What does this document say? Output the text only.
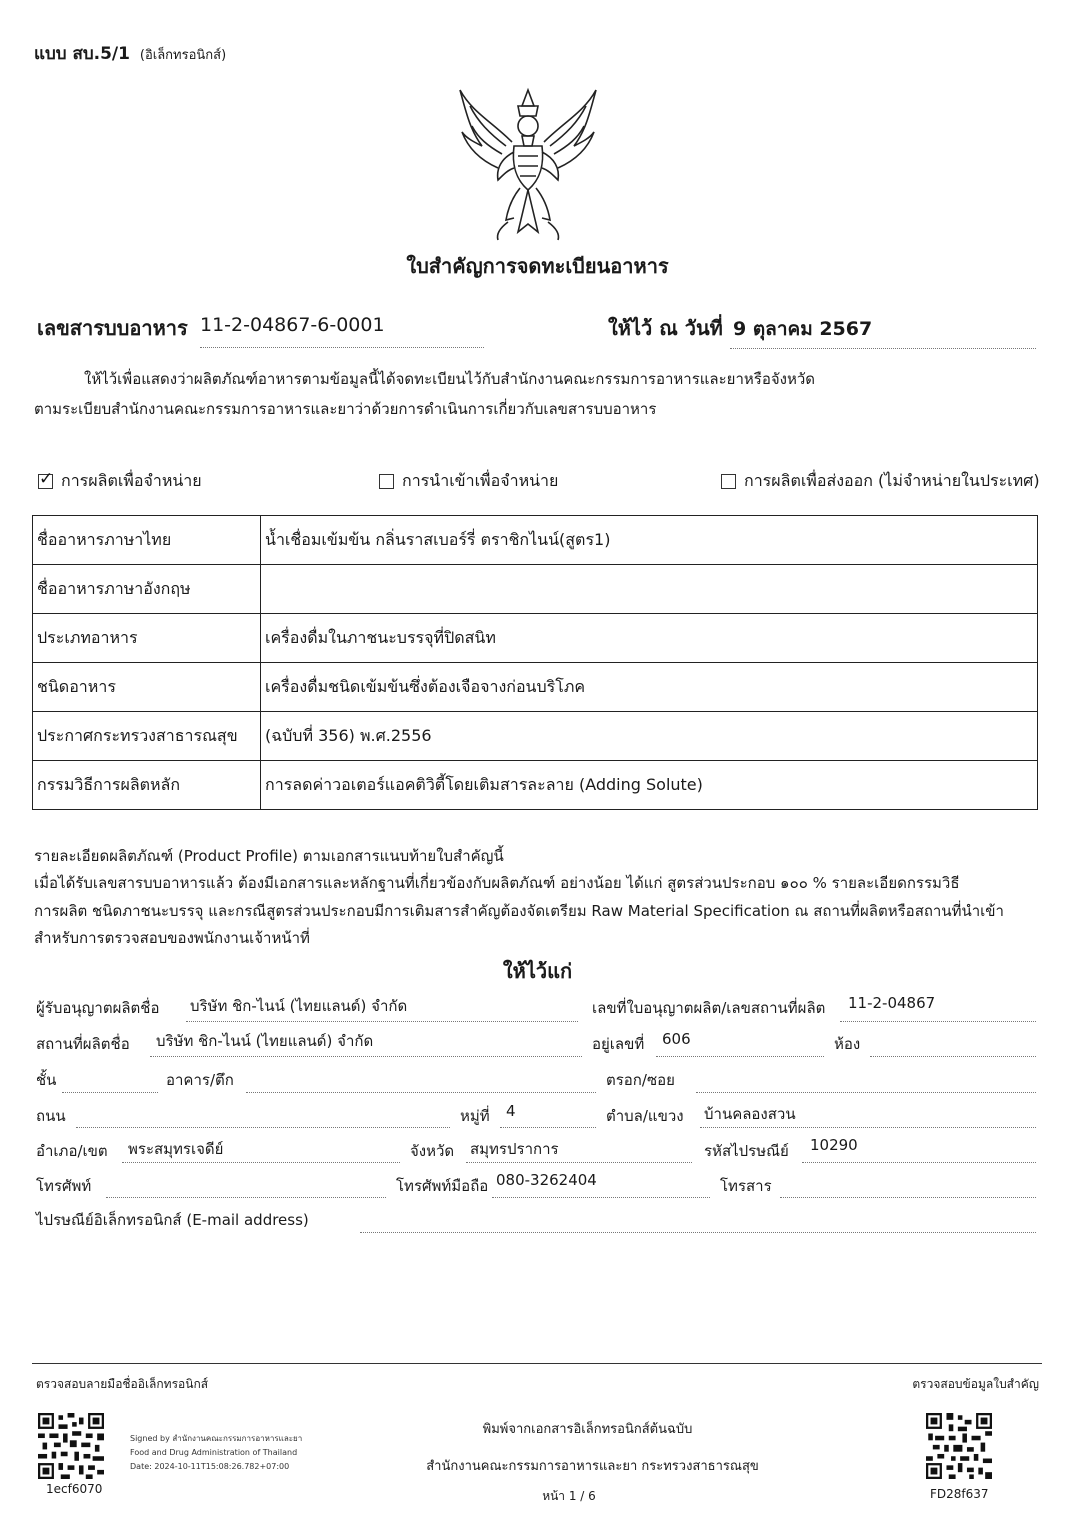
แบบ สบ.5/1 (อิเล็กทรอนิกส์)
ใบสำคัญการจดทะเบียนอาหาร
เลขสารบบอาหาร 11-2-04867-6-0001	ให้ไว้ ณ วันที่ 9 ตุลาคม 2567
ให้ไว้เพื่อแสดงว่าผลิตภัณฑ์อาหารตามข้อมูลนี้ได้จดทะเบียนไว้กับสำนักงานคณะกรรมการอาหารและยาหรือจังหวัด
ตามระเบียบสำนักงานคณะกรรมการอาหารและยาว่าด้วยการดำเนินการเกี่ยวกับเลขสารบบอาหาร
✓
การผลิตเพื่อจำหน่าย	การนำเข้าเพื่อจำหน่าย	การผลิตเพื่อส่งออก (ไม่จำหน่ายในประเทศ)
ชื่ออาหารภาษาไทย	น้ำเชื่อมเข้มข้น กลิ่นราสเบอร์รี่ ตราชิกไนน์(สูตร1)
ชื่ออาหารภาษาอังกฤษ	
ประเภทอาหาร	เครื่องดื่มในภาชนะบรรจุที่ปิดสนิท
ชนิดอาหาร	เครื่องดื่มชนิดเข้มข้นซึ่งต้องเจือจางก่อนบริโภค
ประกาศกระทรวงสาธารณสุข	(ฉบับที่ 356) พ.ศ.2556
กรรมวิธีการผลิตหลัก	การลดค่าวอเตอร์แอคติวิตี้โดยเติมสารละลาย (Adding Solute)
รายละเอียดผลิตภัณฑ์ (Product Profile) ตามเอกสารแนบท้ายใบสำคัญนี้
เมื่อได้รับเลขสารบบอาหารแล้ว ต้องมีเอกสารและหลักฐานที่เกี่ยวข้องกับผลิตภัณฑ์ อย่างน้อย ได้แก่ สูตรส่วนประกอบ ๑๐๐ % รายละเอียดกรรมวิธี
การผลิต ชนิดภาชนะบรรจุ และกรณีสูตรส่วนประกอบมีการเติมสารสำคัญต้องจัดเตรียม Raw Material Specification ณ สถานที่ผลิตหรือสถานที่นำเข้า
สำหรับการตรวจสอบของพนักงานเจ้าหน้าที่
ให้ไว้แก่
ผู้รับอนุญาตผลิตชื่อ บริษัท ชิก-ไนน์ (ไทยแลนด์) จำกัด	เลขที่ใบอนุญาตผลิต/เลขสถานที่ผลิต 11-2-04867
สถานที่ผลิตชื่อ บริษัท ชิก-ไนน์ (ไทยแลนด์) จำกัด	อยู่เลขที่ 606	ห้อง
ชั้น	อาคาร/ตึก	ตรอก/ซอย
ถนน	หมู่ที่ 4	ตำบล/แขวง บ้านคลองสวน
อำเภอ/เขต พระสมุทรเจดีย์	จังหวัด สมุทรปราการ	รหัสไปรษณีย์ 10290
โทรศัพท์	โทรศัพท์มือถือ 080-3262404	โทรสาร
ไปรษณีย์อิเล็กทรอนิกส์ (E-mail address)
ตรวจสอบลายมือชื่ออิเล็กทรอนิกส์	ตรวจสอบข้อมูลใบสำคัญ
1ecf6070
Signed by สำนักงานคณะกรรมการอาหารและยา
Food and Drug Administration of Thailand
Date: 2024-10-11T15:08:26.782+07:00
พิมพ์จากเอกสารอิเล็กทรอนิกส์ต้นฉบับ
สำนักงานคณะกรรมการอาหารและยา กระทรวงสาธารณสุข
หน้า 1 / 6	FD28f637
